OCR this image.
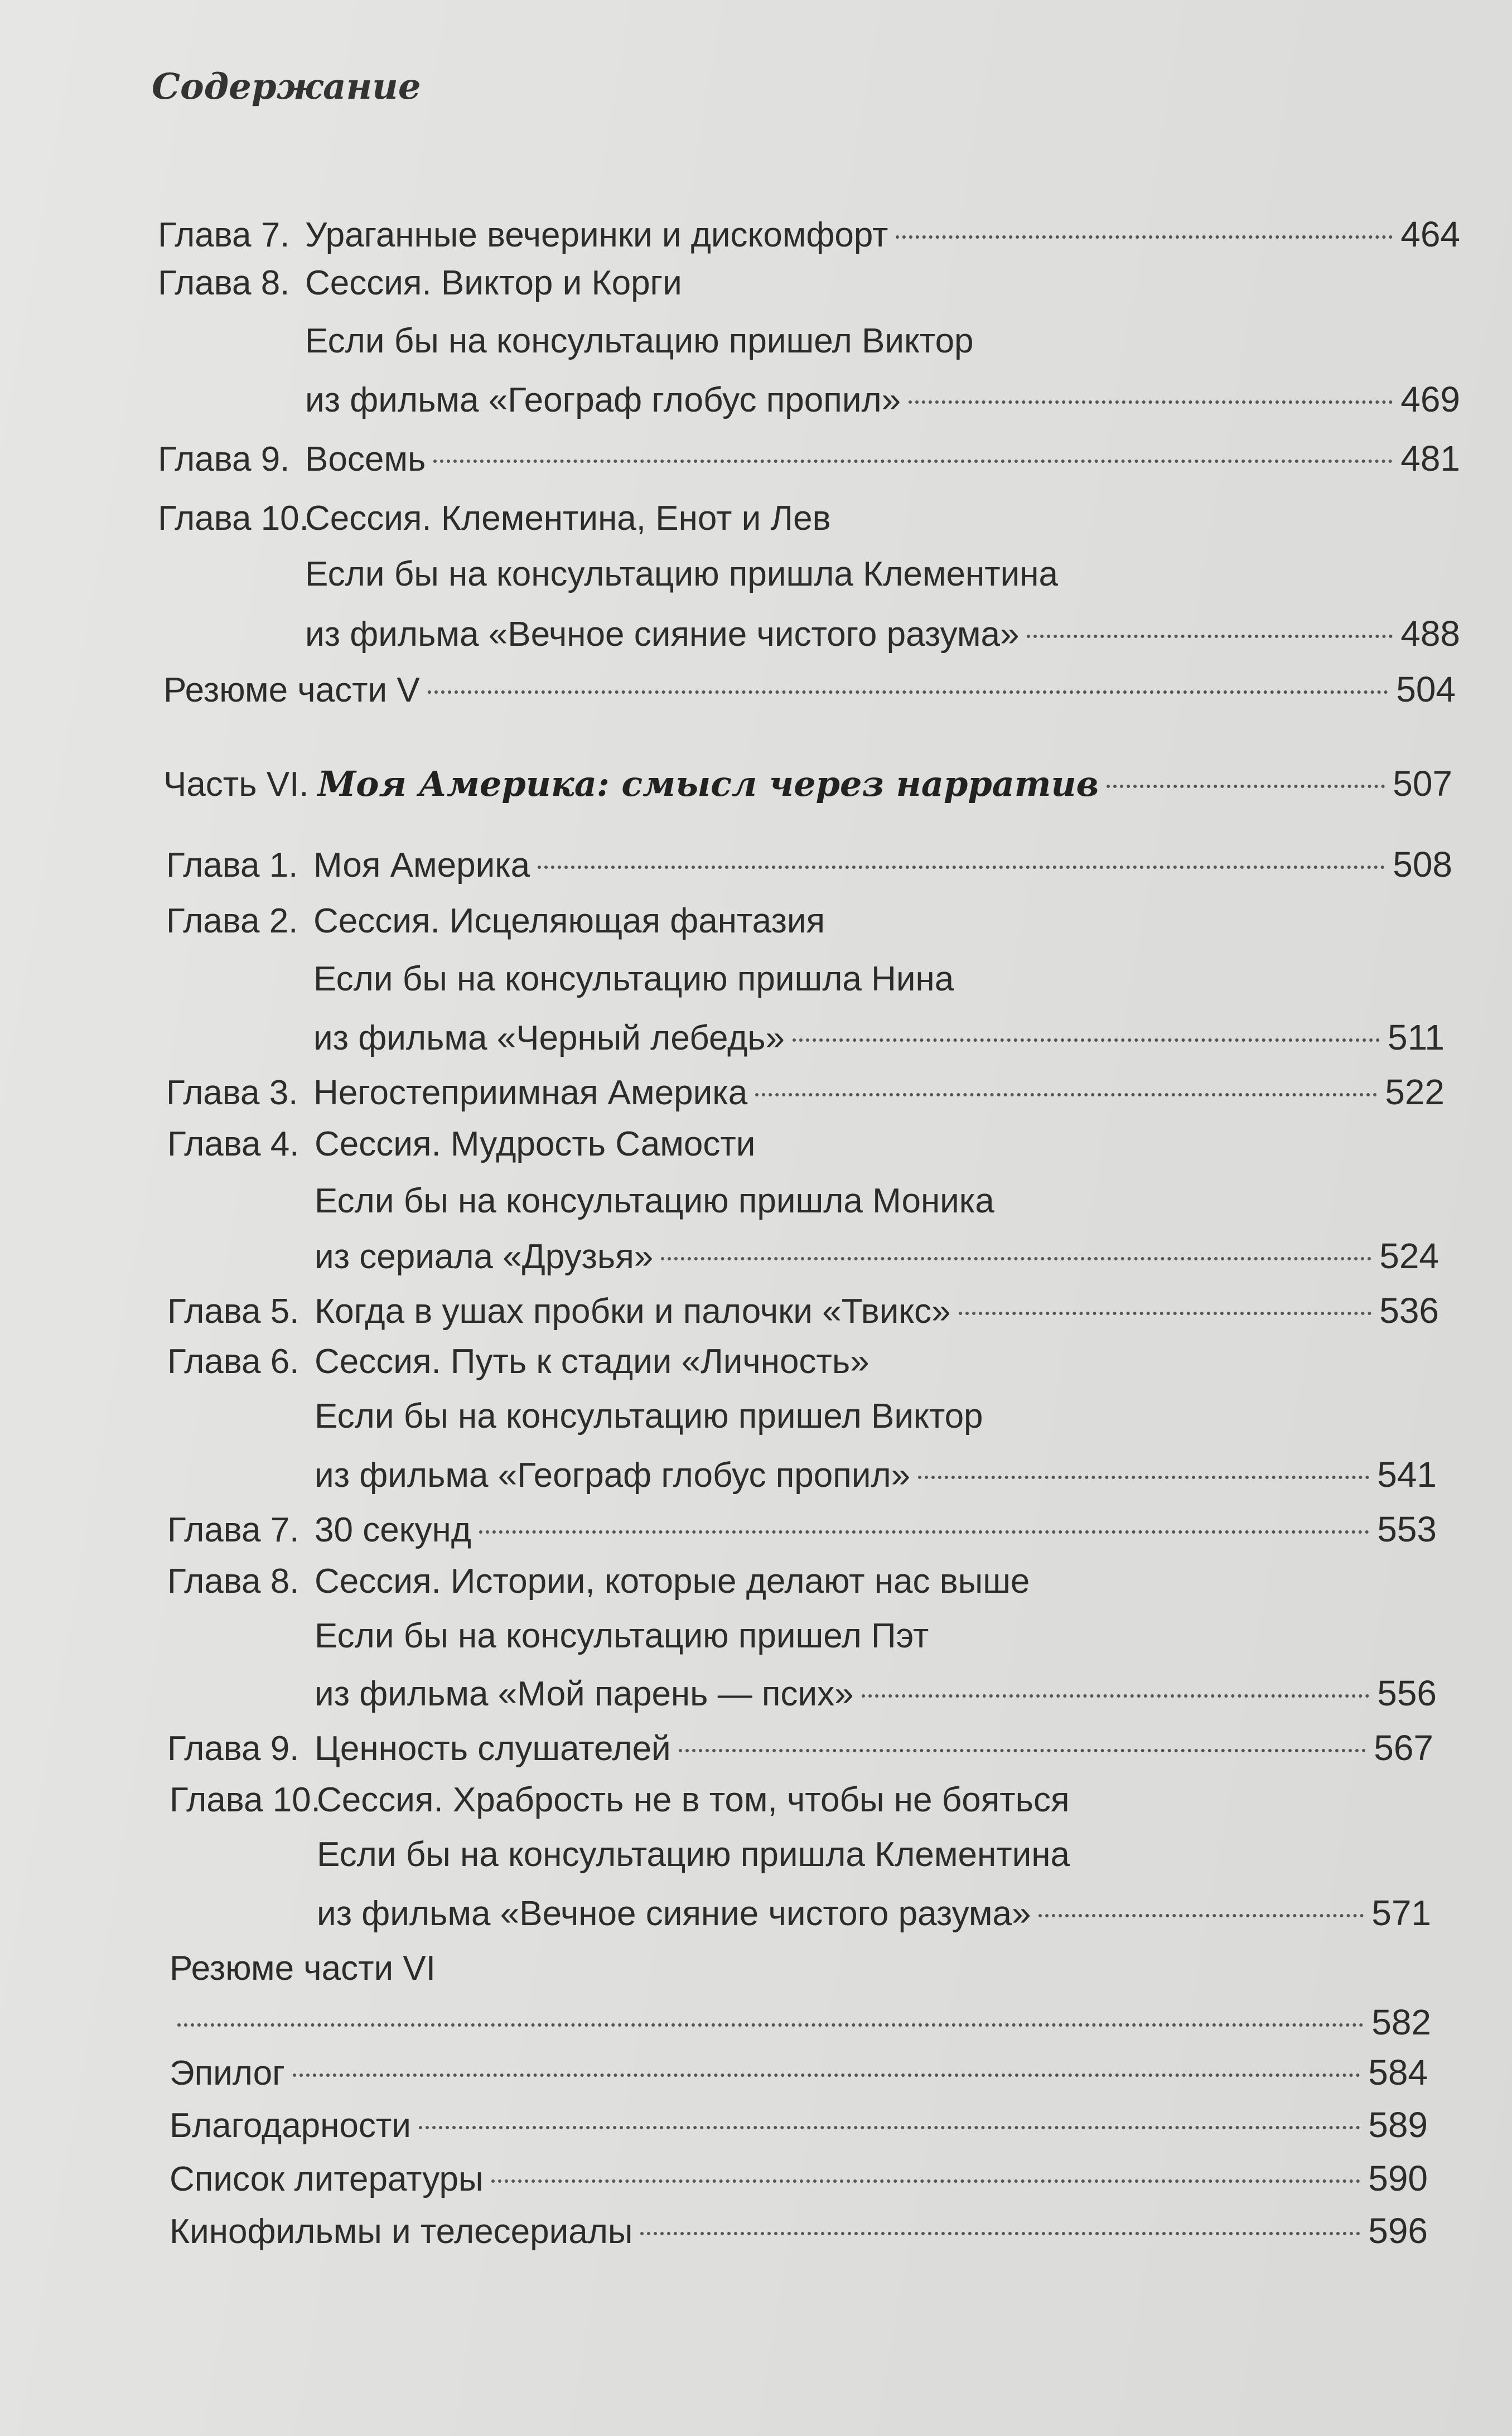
Содержание
Глава 7. Ураганные вечеринки и дискомфорт	464
Глава 8. Сессия. Виктор и Корги
Если бы на консультацию пришел Виктор
из фильма «Географ глобус пропил»	469
Глава 9. Восемь	481
Глава 10.
Сессия. Клементина, Енот и Лев
Если бы на консультацию пришла Клементина
из фильма «Вечное сияние чистого разума»	488
Резюме части V	504
Часть VI. Моя Америка: смысл через нарратив	507
Глава 1. Моя Америка	508
Глава 2. Сессия. Исцеляющая фантазия
Если бы на консультацию пришла Нина
из фильма «Черный лебедь»	511
Глава 3. Негостеприимная Америка	522
Глава 4. Сессия. Мудрость Самости
Если бы на консультацию пришла Моника
из сериала «Друзья»	524
Глава 5. Когда в ушах пробки и палочки «Твикс»	536
Глава 6. Сессия. Путь к стадии «Личность»
Если бы на консультацию пришел Виктор
из фильма «Географ глобус пропил»	541
Глава 7. 30 секунд	553
Глава 8. Сессия. Истории, которые делают нас выше
Если бы на консультацию пришел Пэт
из фильма «Мой парень — псих»	556
Глава 9. Ценность слушателей	567
Глава 10.
Сессия. Храбрость не в том, чтобы не бояться
Если бы на консультацию пришла Клементина
из фильма «Вечное сияние чистого разума»	571
Резюме части VI
582
Эпилог	584
Благодарности	589
Список литературы	590
Кинофильмы и телесериалы	596
